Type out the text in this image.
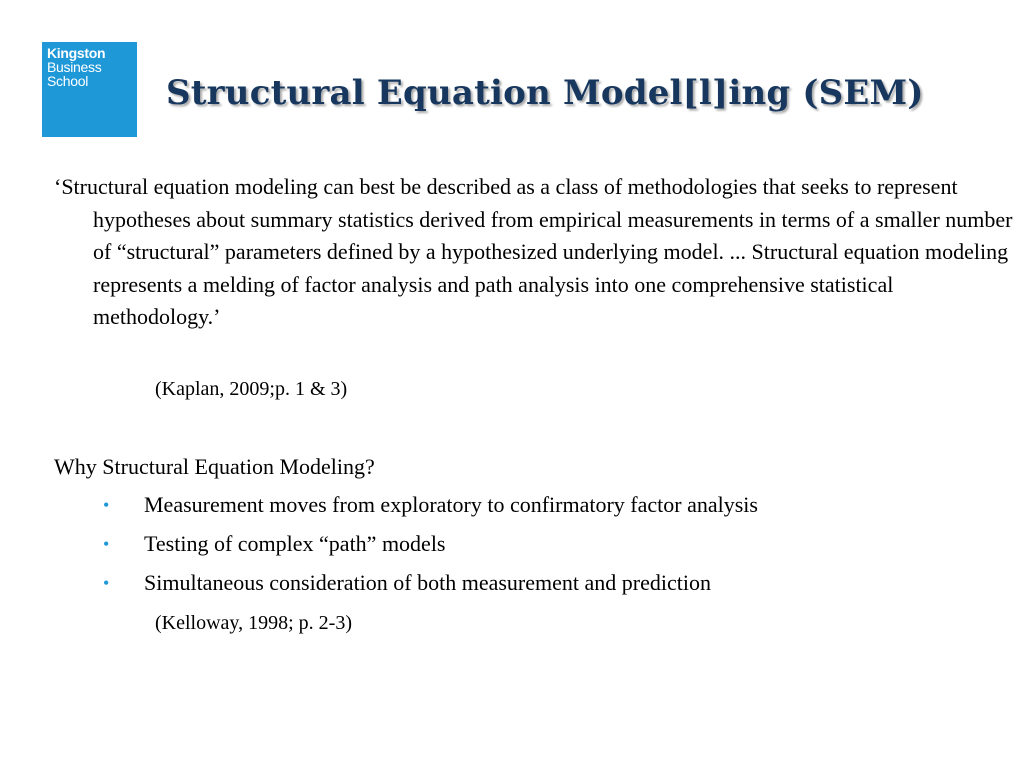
Kingston
Business
School	Structural Equation Model[l]ing (SEM)

‘Structural equation modeling can best be described as a class of methodologies that seeks to represent hypotheses about summary statistics derived from empirical measurements in terms of a smaller number of “structural” parameters defined by a hypothesized underlying model. ... Structural equation modeling represents a melding of factor analysis and path analysis into one comprehensive statistical methodology.’

(Kaplan, 2009;p. 1 & 3)

Why Structural Equation Modeling?

• Measurement moves from exploratory to confirmatory factor analysis
• Testing of complex “path” models
• Simultaneous consideration of both measurement and prediction

(Kelloway, 1998; p. 2-3)
